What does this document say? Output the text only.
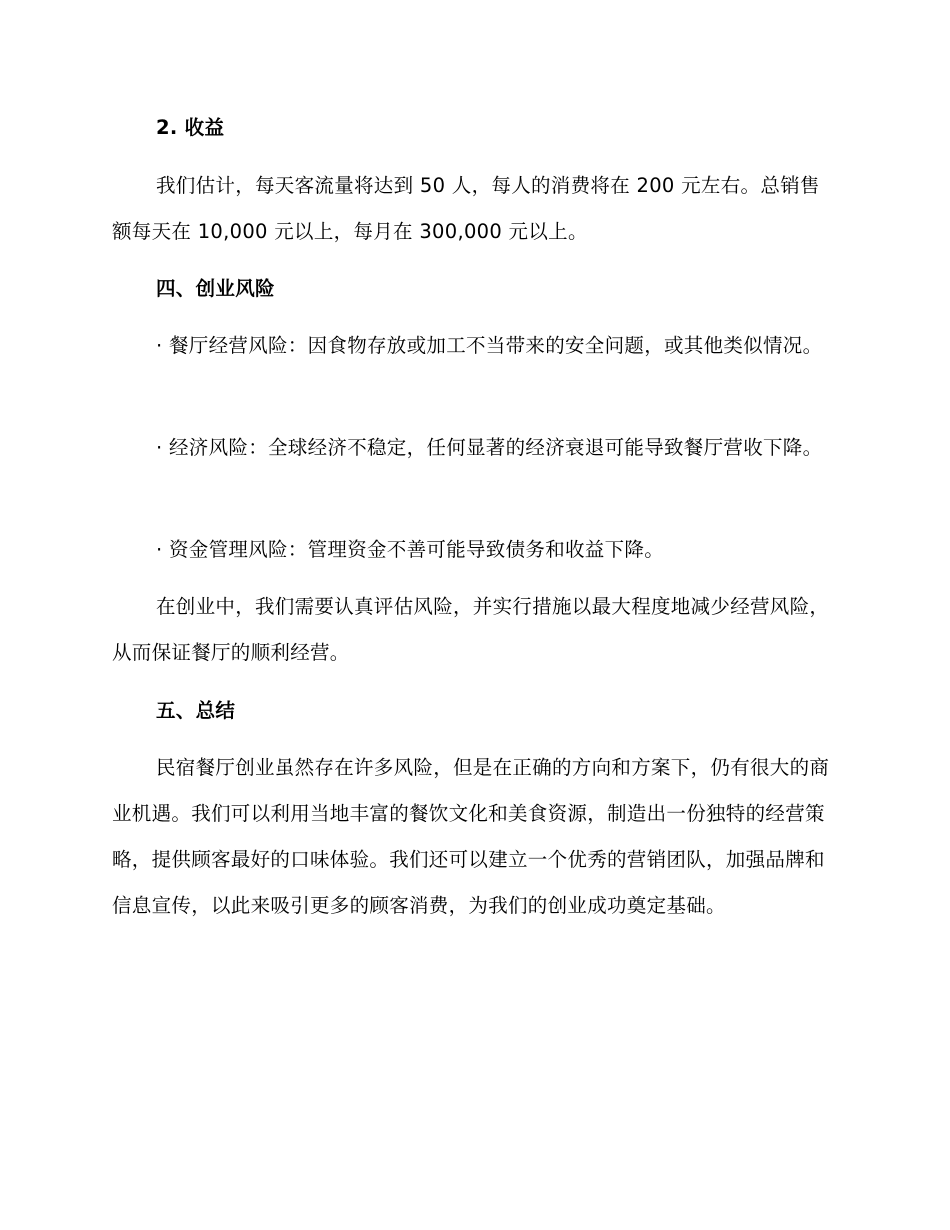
2. 收益

我们估计，每天客流量将达到 50 人，每人的消费将在 200 元左右。总销售额每天在 10,000 元以上，每月在 300,000 元以上。

四、创业风险

· 餐厅经营风险：因食物存放或加工不当带来的安全问题，或其他类似情况。

· 经济风险：全球经济不稳定，任何显著的经济衰退可能导致餐厅营收下降。

· 资金管理风险：管理资金不善可能导致债务和收益下降。

在创业中，我们需要认真评估风险，并实行措施以最大程度地减少经营风险，从而保证餐厅的顺利经营。

五、总结

民宿餐厅创业虽然存在许多风险，但是在正确的方向和方案下，仍有很大的商业机遇。我们可以利用当地丰富的餐饮文化和美食资源，制造出一份独特的经营策略，提供顾客最好的口味体验。我们还可以建立一个优秀的营销团队，加强品牌和信息宣传，以此来吸引更多的顾客消费，为我们的创业成功奠定基础。
